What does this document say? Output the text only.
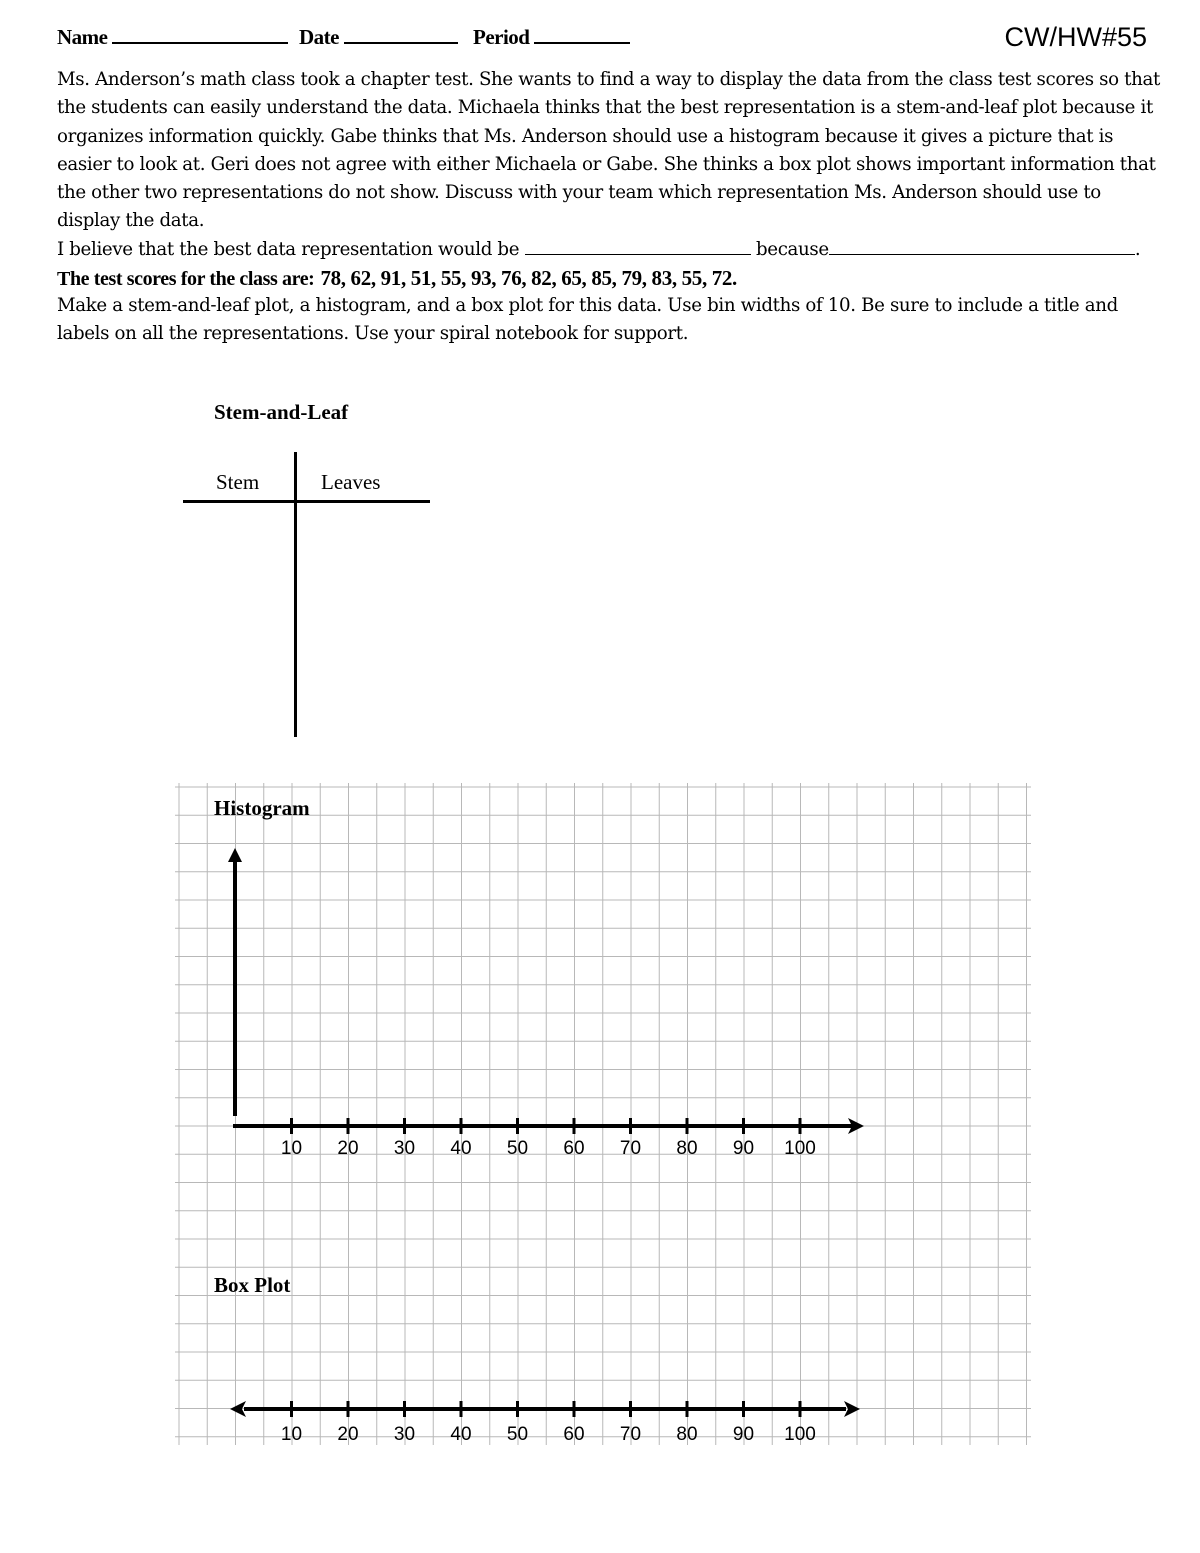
Name	Date	Period	CW/HW#55
Ms. Anderson’s math class took a chapter test. She wants to find a way to display the data from the class test scores so that the students can easily understand the data. Michaela thinks that the best representation is a stem-and-leaf plot because it organizes information quickly. Gabe thinks that Ms. Anderson should use a histogram because it gives a picture that is easier to look at. Geri does not agree with either Michaela or Gabe. She thinks a box plot shows important information that the other two representations do not show. Discuss with your team which representation Ms. Anderson should use to display the data.
I believe that the best data representation would be	because	.
The test scores for the class are: 78, 62, 91, 51, 55, 93, 76, 82, 65, 85, 79, 83, 55, 72.
Make a stem-and-leaf plot, a histogram, and a box plot for this data. Use bin widths of 10. Be sure to include a title and labels on all the representations. Use your spiral notebook for support.
Stem-and-Leaf
Stem	Leaves
Histogram
10 20 30 40 50 60 70 80 90 100
Box Plot
10 20 30 40 50 60 70 80 90 100
